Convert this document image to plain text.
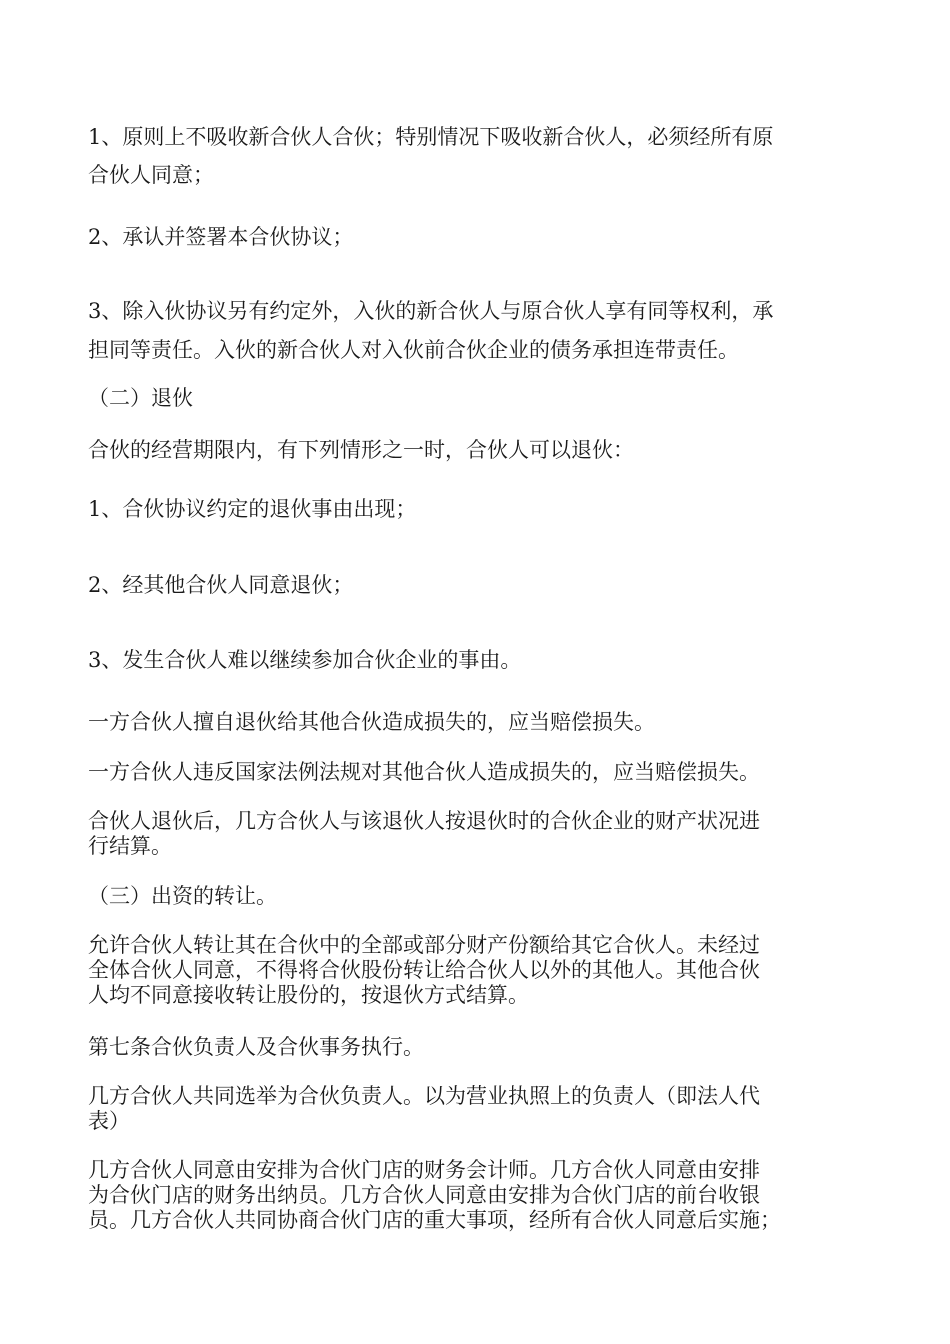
1、原则上不吸收新合伙人合伙；特别情况下吸收新合伙人，必须经所有原

合伙人同意；

2、承认并签署本合伙协议；

3、除入伙协议另有约定外，入伙的新合伙人与原合伙人享有同等权利，承

担同等责任。入伙的新合伙人对入伙前合伙企业的债务承担连带责任。

（二）退伙

合伙的经营期限内，有下列情形之一时，合伙人可以退伙：

1、合伙协议约定的退伙事由出现；

2、经其他合伙人同意退伙；

3、发生合伙人难以继续参加合伙企业的事由。

一方合伙人擅自退伙给其他合伙造成损失的，应当赔偿损失。

一方合伙人违反国家法例法规对其他合伙人造成损失的，应当赔偿损失。

合伙人退伙后，几方合伙人与该退伙人按退伙时的合伙企业的财产状况进

行结算。

（三）出资的转让。

允许合伙人转让其在合伙中的全部或部分财产份额给其它合伙人。未经过

全体合伙人同意，不得将合伙股份转让给合伙人以外的其他人。其他合伙

人均不同意接收转让股份的，按退伙方式结算。

第七条合伙负责人及合伙事务执行。

几方合伙人共同选举为合伙负责人。以为营业执照上的负责人（即法人代

表）

几方合伙人同意由安排为合伙门店的财务会计师。几方合伙人同意由安排

为合伙门店的财务出纳员。几方合伙人同意由安排为合伙门店的前台收银

员。几方合伙人共同协商合伙门店的重大事项，经所有合伙人同意后实施；
